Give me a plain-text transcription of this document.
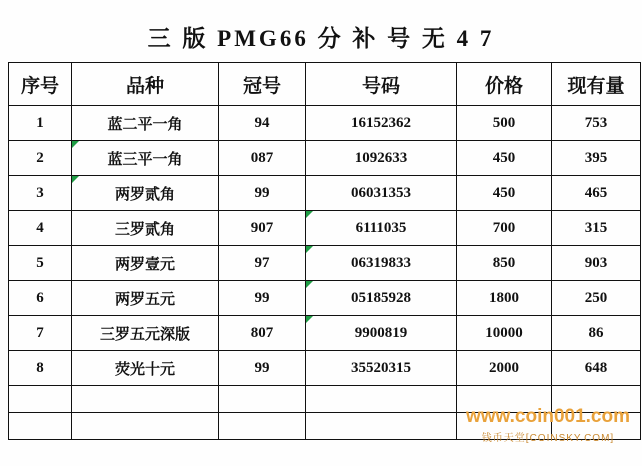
三 版 PMG66 分 补 号 无 4 7
序号	品种	冠号	号码	价格	现有量
1	蓝二平一角	94	16152362	500	753
2	蓝三平一角	087	1092633	450	395
3	两罗贰角	99	06031353	450	465
4	三罗贰角	907	6111035	700	315
5	两罗壹元	97	06319833	850	903
6	两罗五元	99	05185928	1800	250
7	三罗五元深版	807	9900819	10000	86
8	荧光十元	99	35520315	2000	648

www.coin001.com
钱币天堂[COINSKY.COM]
